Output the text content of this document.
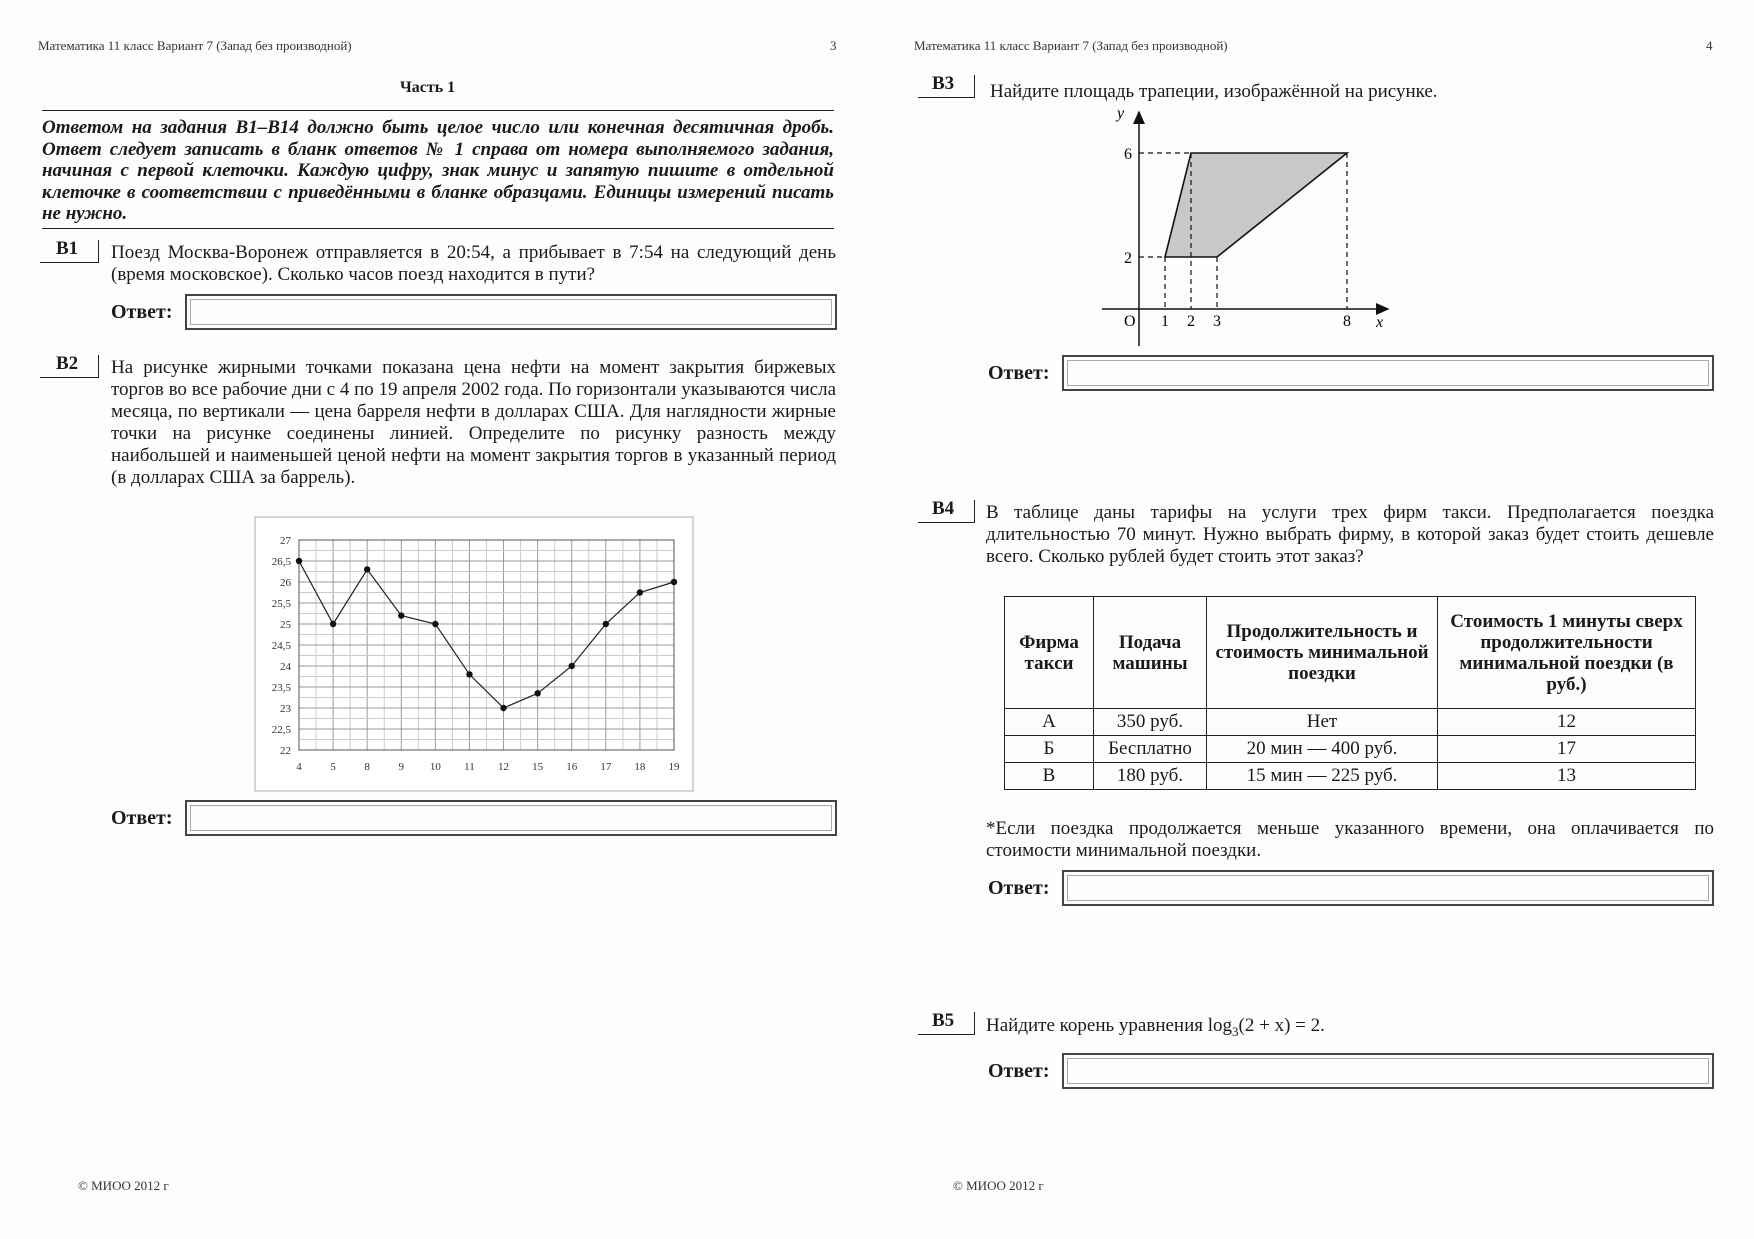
Математика 11 класс Вариант 7 (Запад без производной)	3
Часть 1
Ответом на задания B1–B14 должно быть целое число или конечная десятичная дробь. Ответ следует записать в бланк ответов № 1 справа от номера выполняемого задания, начиная с первой клеточки. Каждую цифру, знак минус и запятую пишите в отдельной клеточке в соответствии с приведёнными в бланке образцами. Единицы измерений писать не нужно.
B1 Поезд Москва-Воронеж отправляется в 20:54, а прибывает в 7:54 на следующий день (время московское). Сколько часов поезд находится в пути?
Ответ:
B2 На рисунке жирными точками показана цена нефти на момент закрытия биржевых торгов во все рабочие дни с 4 по 19 апреля 2002 года. По горизонтали указываются числа месяца, по вертикали — цена барреля нефти в долларах США. Для наглядности жирные точки на рисунке соединены линией. Определите по рисунку разность между наибольшей и наименьшей ценой нефти на момент закрытия торгов в указанный период (в долларах США за баррель).
22
22,5
23
23,5
24
24,5
25
25,5
26
26,5
27
4	5	8	9 10 11 12 15 16 17 18 19
Ответ:
© МИОО 2012 г
Математика 11 класс Вариант 7 (Запад без производной)	4
B3 Найдите площадь трапеции, изображённой на рисунке.
y
x
O
6
2
1 2 3	8
Ответ:
B4 В таблице даны тарифы на услуги трех фирм такси. Предполагается поездка длительностью 70 минут. Нужно выбрать фирму, в которой заказ будет стоить дешевле всего. Сколько рублей будет стоить этот заказ?
Фирма такси	Подача машины	Продолжительность и стоимость минимальной поездки	Стоимость 1 минуты сверх продолжительности минимальной поездки (в руб.)
А	350 руб.	Нет	12
Б	Бесплатно	20 мин — 400 руб.	17
В	180 руб.	15 мин — 225 руб.	13
*Если поездка продолжается меньше указанного времени, она оплачивается по стоимости минимальной поездки.
Ответ:
B5 Найдите корень уравнения $\log_3(2 + x) = 2$.
Ответ:
© МИОО 2012 г
